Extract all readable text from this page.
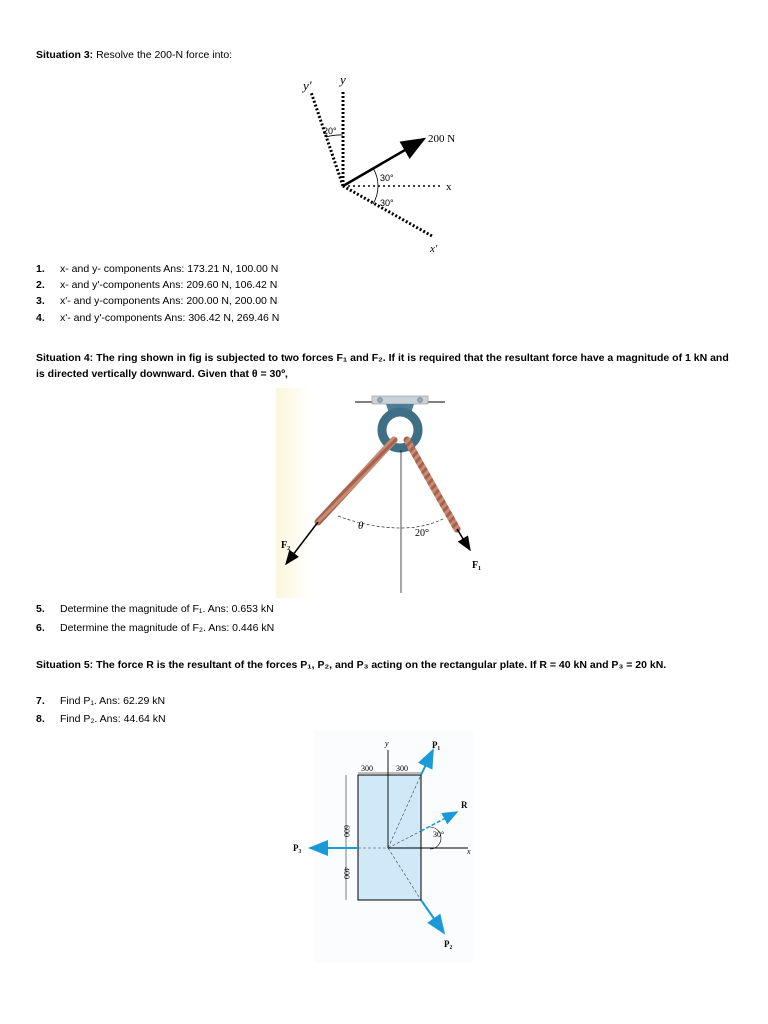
Situation 3: Resolve the 200-N force into:
y' y
20°
200 N
30°
30°
x
x'
1. x- and y- components Ans: 173.21 N, 100.00 N
2. x- and y'-components Ans: 209.60 N, 106.42 N
3. x'- and y-components Ans: 200.00 N, 200.00 N
4. x'- and y'-components Ans: 306.42 N, 269.46 N
Situation 4: The ring shown in fig is subjected to two forces F₁ and F₂. If it is required that the resultant force have a magnitude of 1 kN and is directed vertically downward. Given that θ = 30º,
θ
20°
F₂
F₁
5. Determine the magnitude of F₁. Ans: 0.653 kN
6. Determine the magnitude of F₂. Ans: 0.446 kN
Situation 5: The force R is the resultant of the forces P₁, P₂, and P₃ acting on the rectangular plate. If R = 40 kN and P₃ = 20 kN.
7. Find P₁. Ans: 62.29 kN
8. Find P₂. Ans: 44.64 kN
y	P₁
300	300
R
600	30°
P₃	x
400
P₂
